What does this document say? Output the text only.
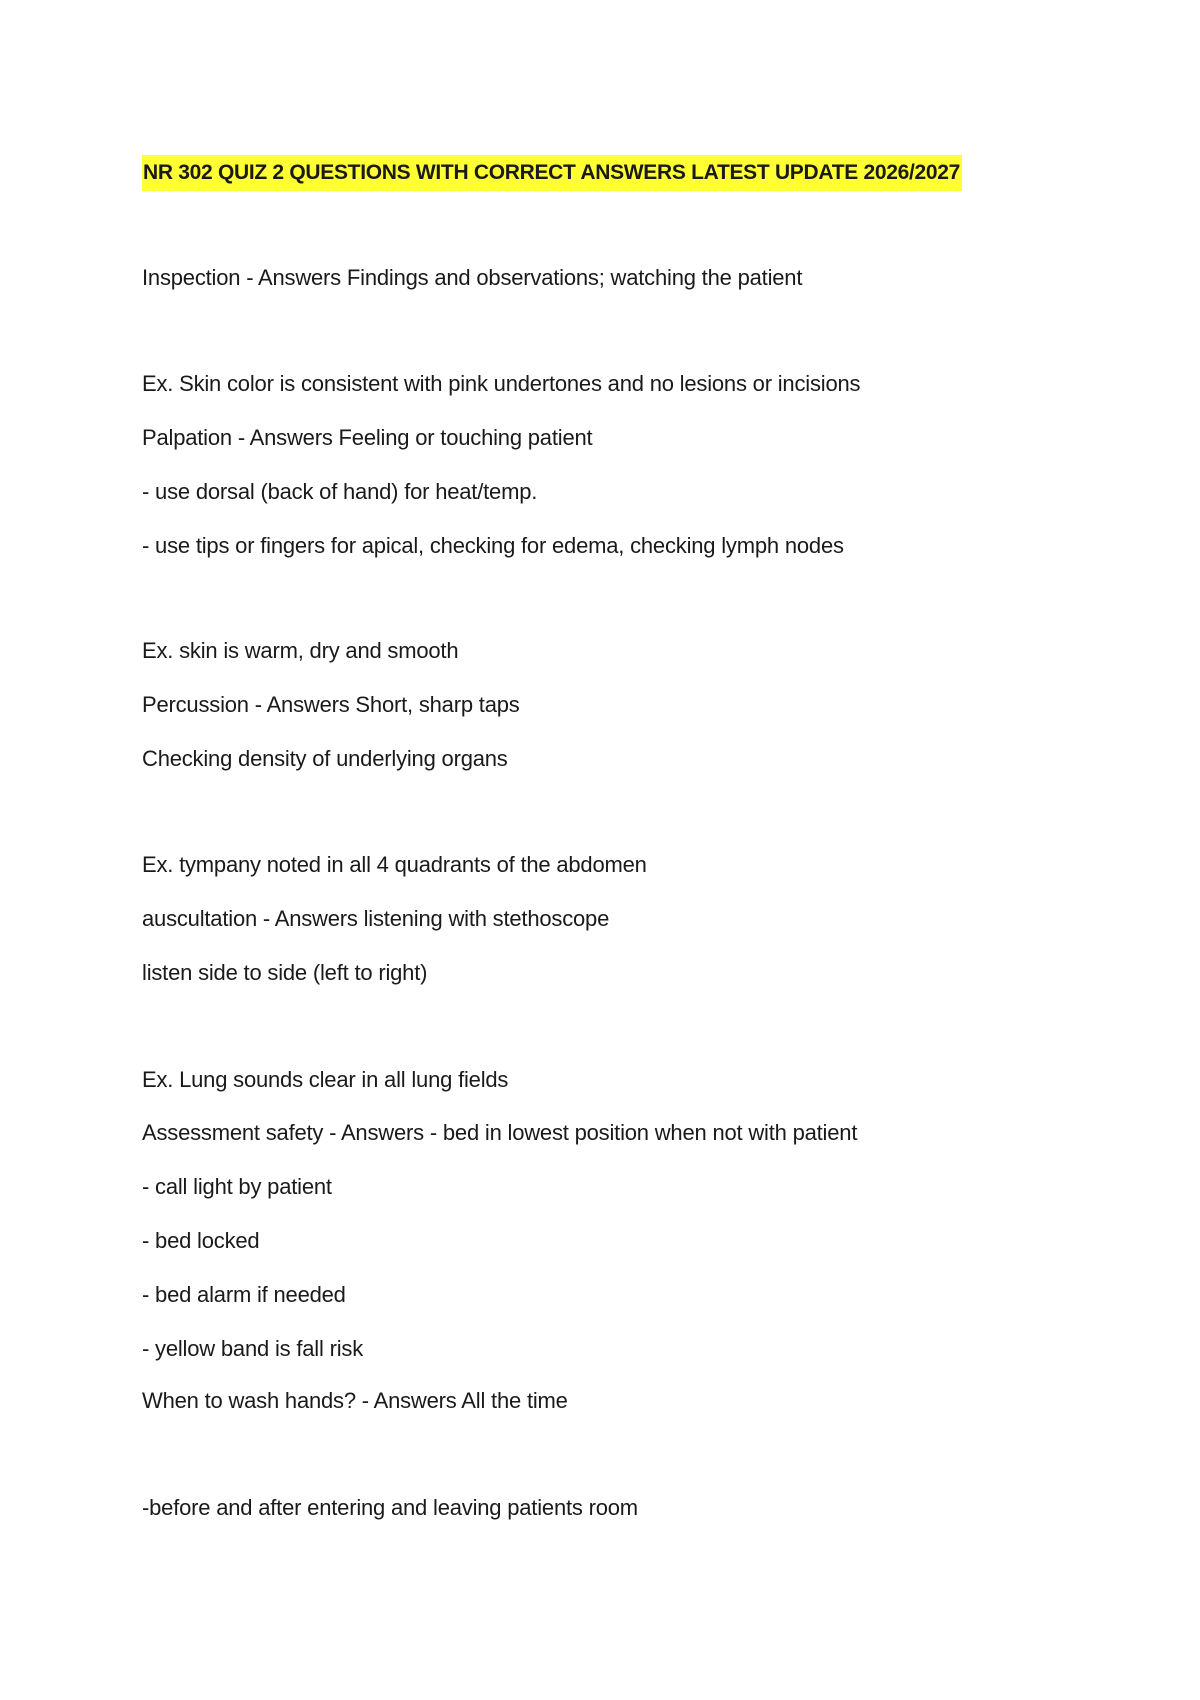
NR 302 QUIZ 2 QUESTIONS WITH CORRECT ANSWERS LATEST UPDATE 2026/2027
Inspection - Answers Findings and observations; watching the patient
Ex. Skin color is consistent with pink undertones and no lesions or incisions
Palpation - Answers Feeling or touching patient
- use dorsal (back of hand) for heat/temp.
- use tips or fingers for apical, checking for edema, checking lymph nodes
Ex. skin is warm, dry and smooth
Percussion - Answers Short, sharp taps
Checking density of underlying organs
Ex. tympany noted in all 4 quadrants of the abdomen
auscultation - Answers listening with stethoscope
listen side to side (left to right)
Ex. Lung sounds clear in all lung fields
Assessment safety - Answers - bed in lowest position when not with patient
- call light by patient
- bed locked
- bed alarm if needed
- yellow band is fall risk
When to wash hands? - Answers All the time
-before and after entering and leaving patients room
